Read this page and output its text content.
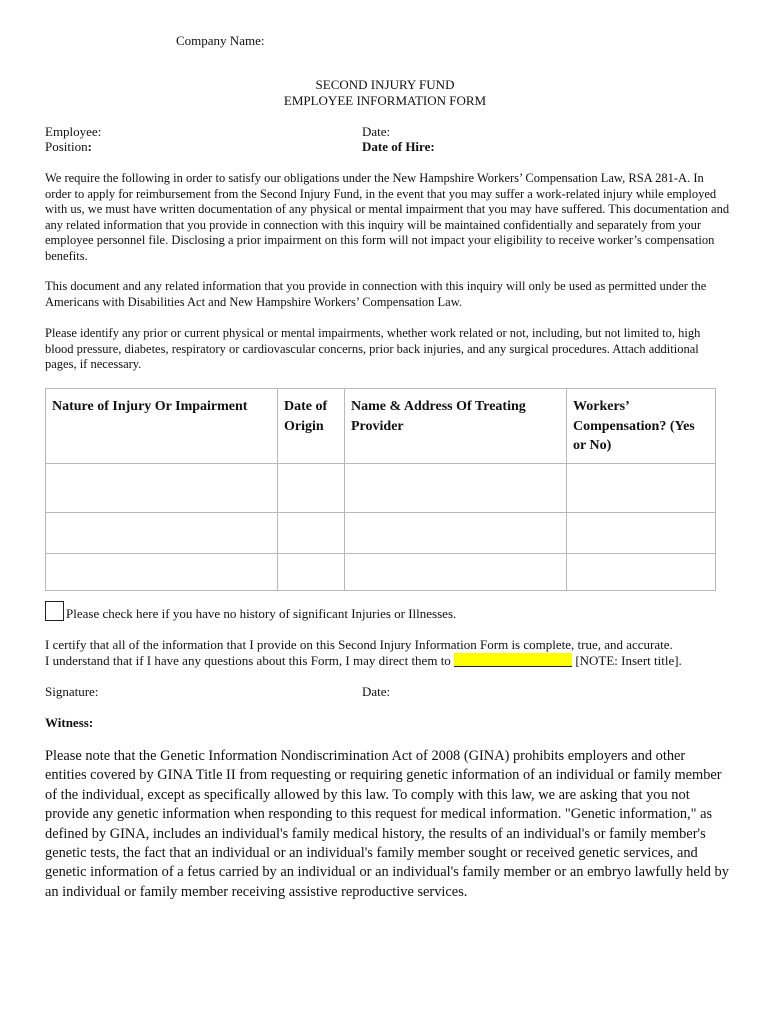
Company Name:
SECOND INJURY FUND
EMPLOYEE INFORMATION FORM
Employee:	Date:
Position:	Date of Hire:
We require the following in order to satisfy our obligations under the New Hampshire Workers’ Compensation Law, RSA 281-A. In order to apply for reimbursement from the Second Injury Fund, in the event that you may suffer a work-related injury while employed with us, we must have written documentation of any physical or mental impairment that you may have suffered. This documentation and any related information that you provide in connection with this inquiry will be maintained confidentially and separately from your employee personnel file. Disclosing a prior impairment on this form will not impact your eligibility to receive worker’s compensation benefits.
This document and any related information that you provide in connection with this inquiry will only be used as permitted under the Americans with Disabilities Act and New Hampshire Workers’ Compensation Law.
Please identify any prior or current physical or mental impairments, whether work related or not, including, but not limited to, high blood pressure, diabetes, respiratory or cardiovascular concerns, prior back injuries, and any surgical procedures. Attach additional pages, if necessary.
Nature of Injury Or Impairment	Date of Origin	Name & Address Of Treating Provider	Workers’ Compensation? (Yes or No)

Please check here if you have no history of significant Injuries or Illnesses.
I certify that all of the information that I provide on this Second Injury Information Form is complete, true, and accurate.
I understand that if I have any questions about this Form, I may direct them to	[NOTE: Insert title].
Signature:	Date:
Witness:
Please note that the Genetic Information Nondiscrimination Act of 2008 (GINA) prohibits employers and other entities covered by GINA Title II from requesting or requiring genetic information of an individual or family member of the individual, except as specifically allowed by this law. To comply with this law, we are asking that you not provide any genetic information when responding to this request for medical information. "Genetic information," as defined by GINA, includes an individual's family medical history, the results of an individual's or family member's genetic tests, the fact that an individual or an individual's family member sought or received genetic services, and genetic information of a fetus carried by an individual or an individual's family member or an embryo lawfully held by an individual or family member receiving assistive reproductive services.
